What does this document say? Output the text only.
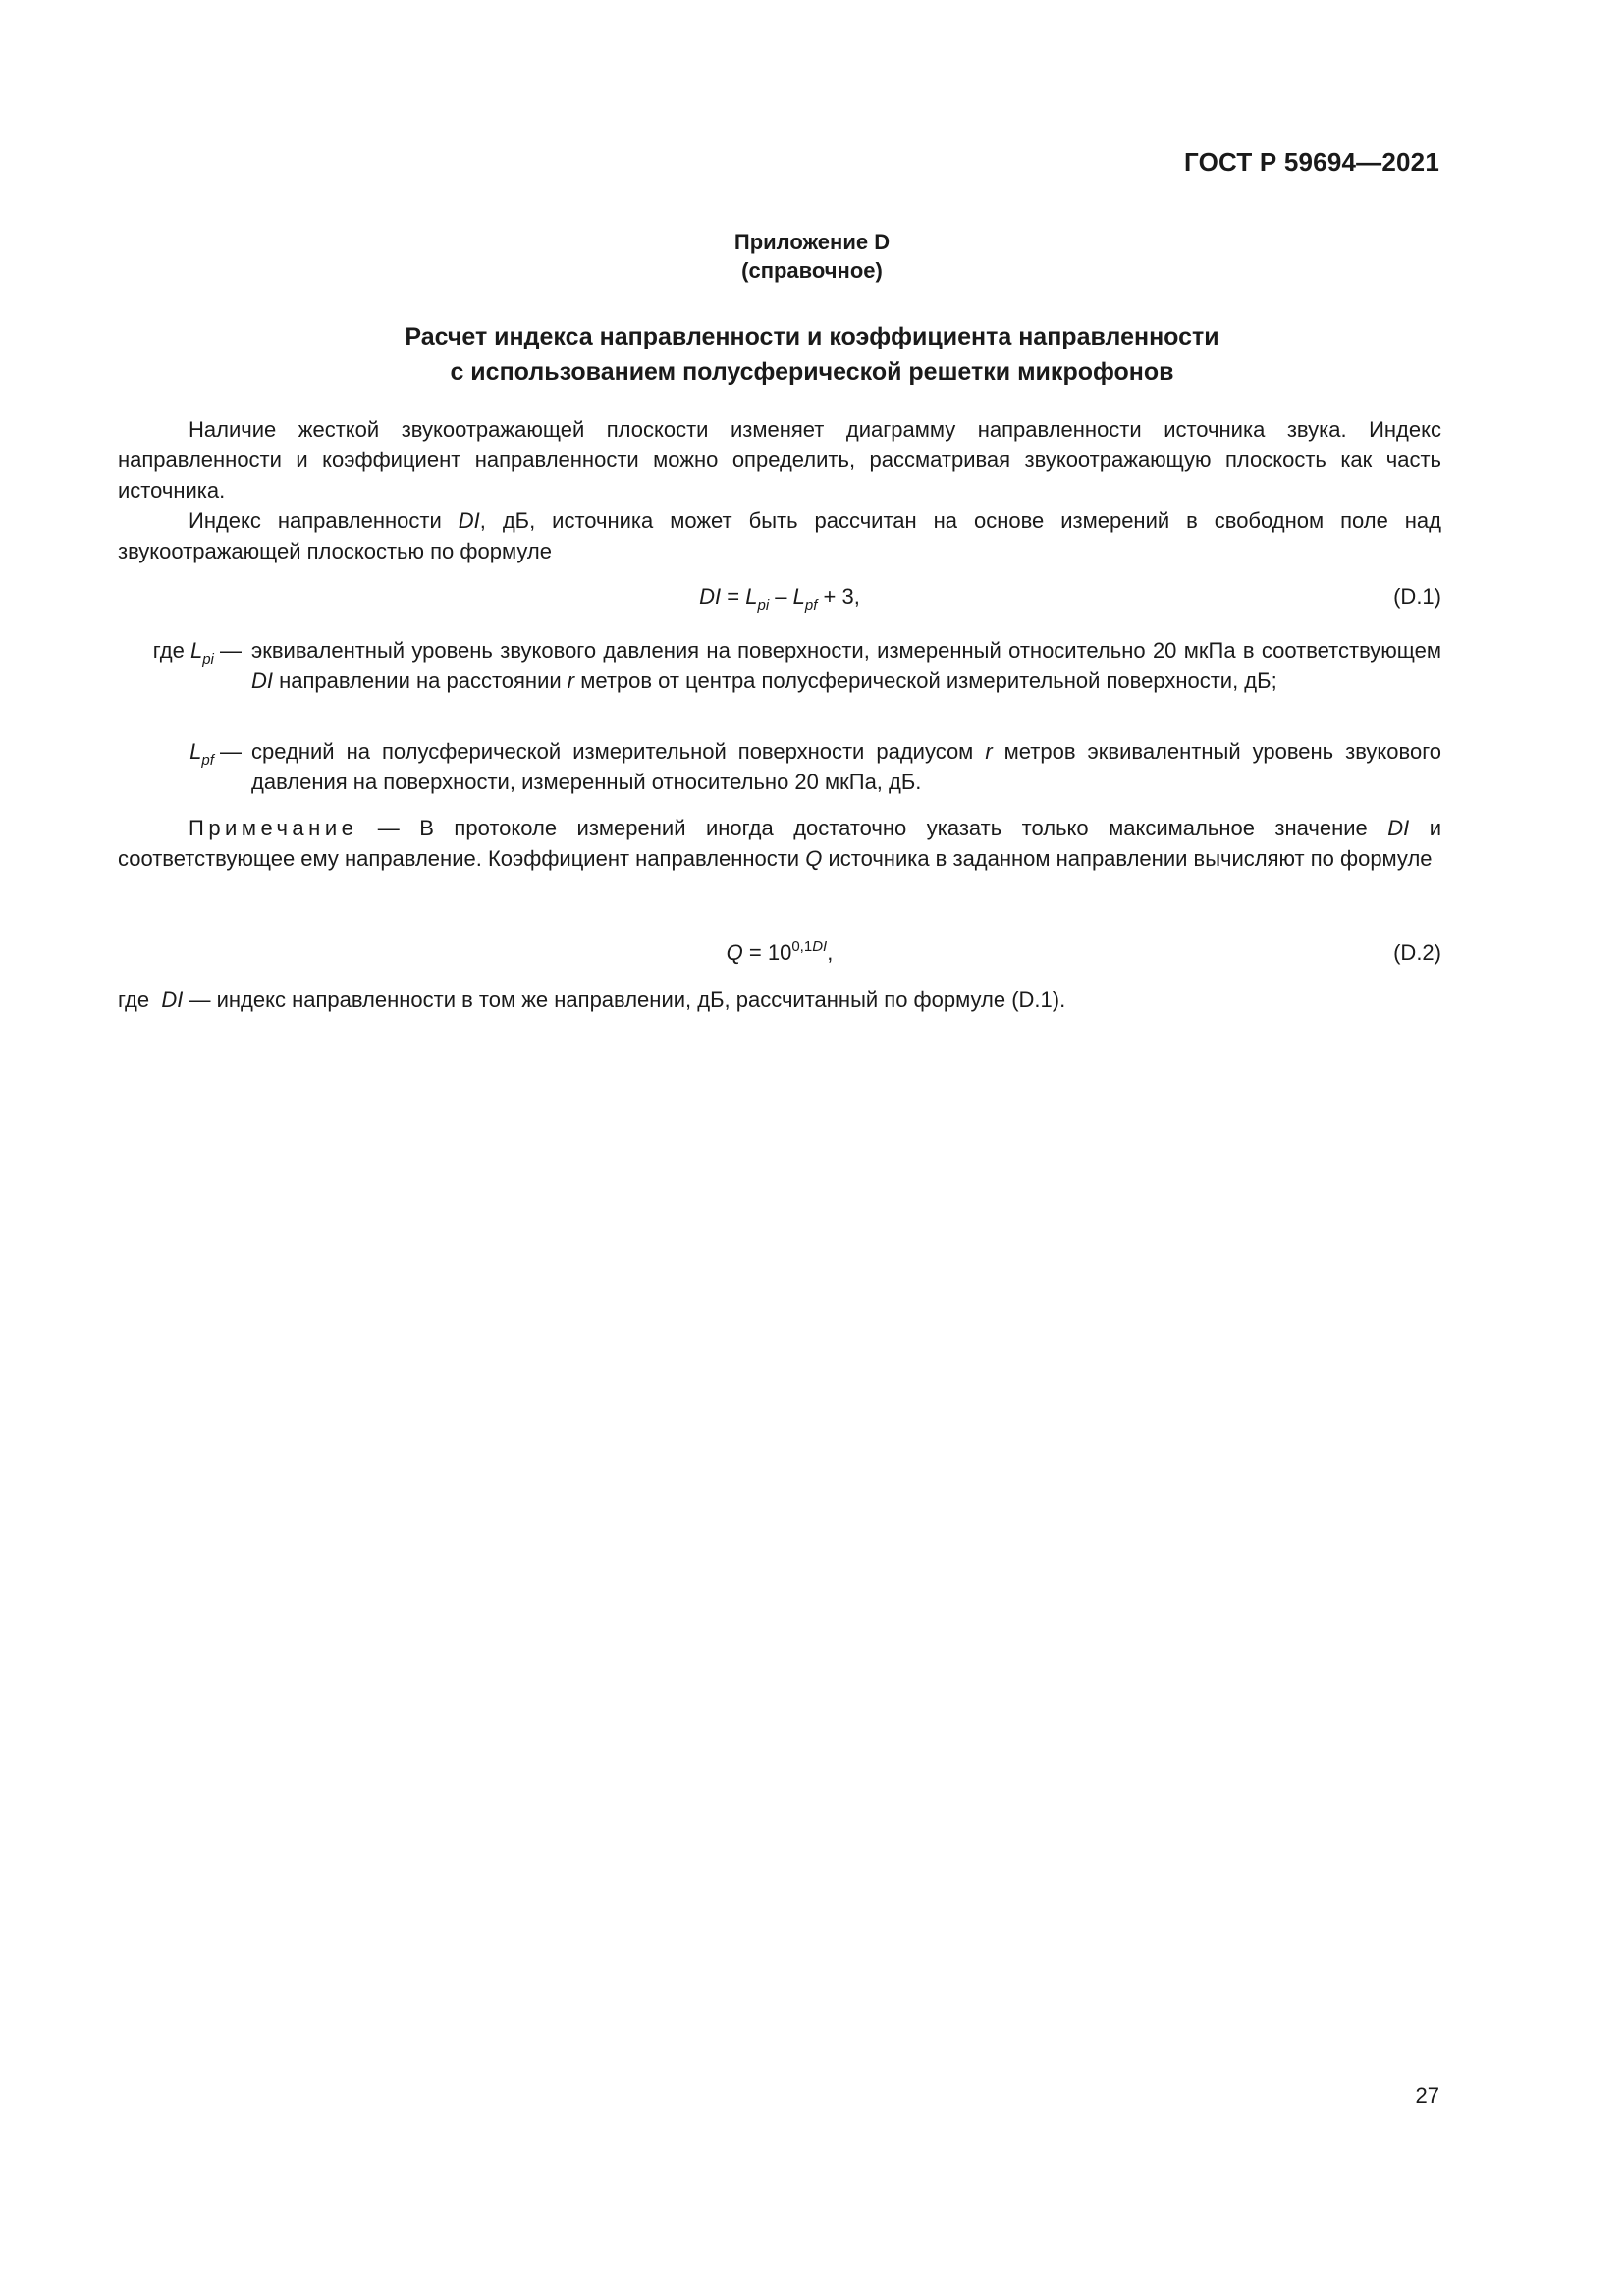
ГОСТ Р 59694—2021
Приложение D
(справочное)
Расчет индекса направленности и коэффициента направленности
с использованием полусферической решетки микрофонов

Наличие жесткой звукоотражающей плоскости изменяет диаграмму направленности источника звука. Индекс направленности и коэффициент направленности можно определить, рассматривая звукоотражающую плоскость как часть источника.

Индекс направленности DI, дБ, источника может быть рассчитан на основе измерений в свободном поле над звукоотражающей плоскостью по формуле

DI = $L_{pi} - L_{pf} + 3$,	(D.1)
где $L_{pi}$ — эквивалентный уровень звукового давления на поверхности, измеренный относительно 20 мкПа в соответствующем DI направлении на расстоянии r метров от центра полусферической измерительной поверхности, дБ;
$L_{pf}$ — средний на полусферической измерительной поверхности радиусом r метров эквивалентный уровень звукового давления на поверхности, измеренный относительно 20 мкПа, дБ.

Примечание — В протоколе измерений иногда достаточно указать только максимальное значение DI и соответствующее ему направление. Коэффициент направленности Q источника в заданном направлении вычисляют по формуле

$Q = 10^{0,1DI}$,	(D.2)
где  DI — индекс направленности в том же направлении, дБ, рассчитанный по формуле (D.1).
27
